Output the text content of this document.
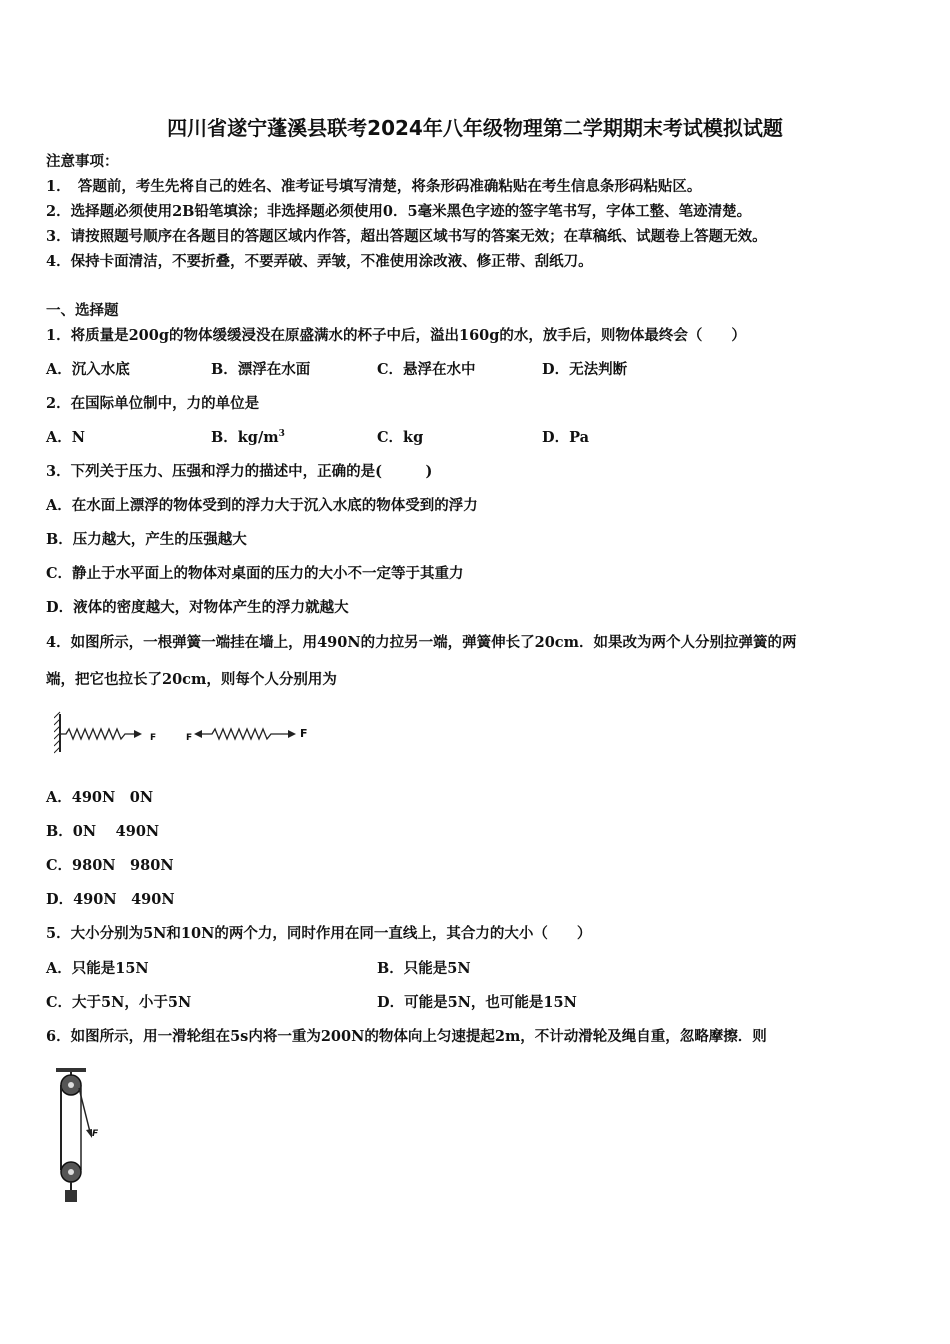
四川省遂宁蓬溪县联考2024年八年级物理第二学期期末考试模拟试题
注意事项：
1．　答题前，考生先将自己的姓名、准考证号填写清楚，将条形码准确粘贴在考生信息条形码粘贴区。
2．选择题必须使用2B铅笔填涂；非选择题必须使用0．5毫米黑色字迹的签字笔书写，字体工整、笔迹清楚。
3．请按照题号顺序在各题目的答题区域内作答，超出答题区域书写的答案无效；在草稿纸、试题卷上答题无效。
4．保持卡面清洁，不要折叠，不要弄破、弄皱，不准使用涂改液、修正带、刮纸刀。
一、选择题
1．将质量是200g的物体缓缓浸没在原盛满水的杯子中后，溢出160g的水，放手后，则物体最终会（　　）
A．沉入水底	B．漂浮在水面	C．悬浮在水中	D．无法判断
2．在国际单位制中，力的单位是
A．N	B．$kg/m^3$	C．kg	D．Pa
3．下列关于压力、压强和浮力的描述中，正确的是(　　　)
A．在水面上漂浮的物体受到的浮力大于沉入水底的物体受到的浮力
B．压力越大，产生的压强越大
C．静止于水平面上的物体对桌面的压力的大小不一定等于其重力
D．液体的密度越大，对物体产生的浮力就越大
4．如图所示，一根弹簧一端挂在墙上，用490N的力拉另一端，弹簧伸长了20cm．如果改为两个人分别拉弹簧的两
端，把它也拉长了20cm，则每个人分别用为
F	F	F
A．490N　0N
B．0N　 490N
C．980N　980N
D．490N　490N
5．大小分别为5N和10N的两个力，同时作用在同一直线上，其合力的大小（　　）
A．只能是15N	B．只能是5N
C．大于5N，小于5N	D．可能是5N，也可能是15N
6．如图所示，用一滑轮组在5s内将一重为200N的物体向上匀速提起2m，不计动滑轮及绳自重，忽略摩擦．则
F
